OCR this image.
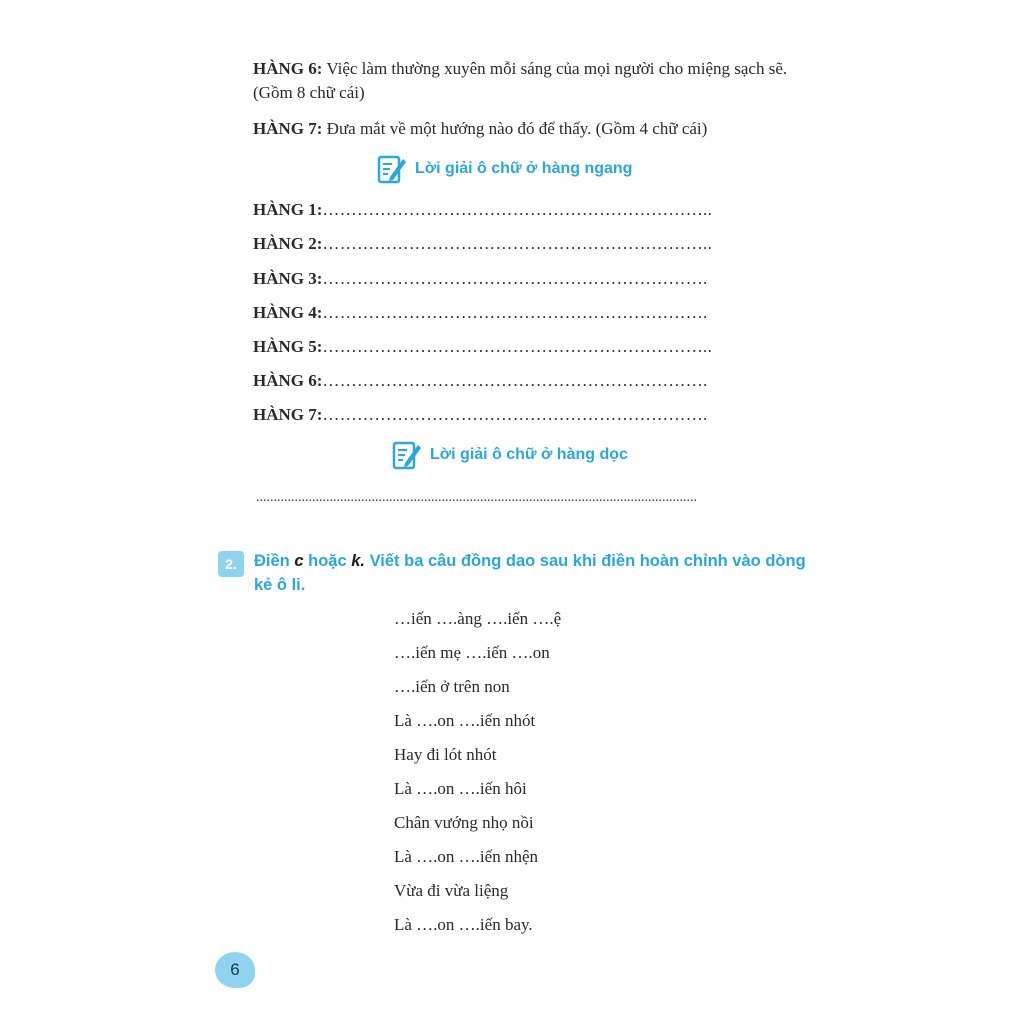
HÀNG 6: Việc làm thường xuyên mỗi sáng của mọi người cho miệng sạch sẽ. (Gồm 8 chữ cái)
HÀNG 7: Đưa mắt về một hướng nào đó để thấy. (Gồm 4 chữ cái)
Lời giải ô chữ ở hàng ngang
HÀNG 1:…………………………………………………………..
HÀNG 2:…………………………………………………………..
HÀNG 3:………………………………………………………….
HÀNG 4:………………………………………………………….
HÀNG 5:…………………………………………………………..
HÀNG 6:………………………………………………………….
HÀNG 7:………………………………………………………….
Lời giải ô chữ ở hàng dọc
..............................................................................................................................
2.	Điền c hoặc k. Viết ba câu đồng dao sau khi điền hoàn chỉnh vào dòng kẻ ô li.
…iến ….àng ….iến ….ệ
….iến mẹ ….iến ….on
….iến ở trên non
Là ….on ….iến nhót
Hay đi lót nhót
Là ….on ….iến hôi
Chân vướng nhọ nồi
Là ….on ….iến nhện
Vừa đi vừa liệng
Là ….on ….iến bay.
6
